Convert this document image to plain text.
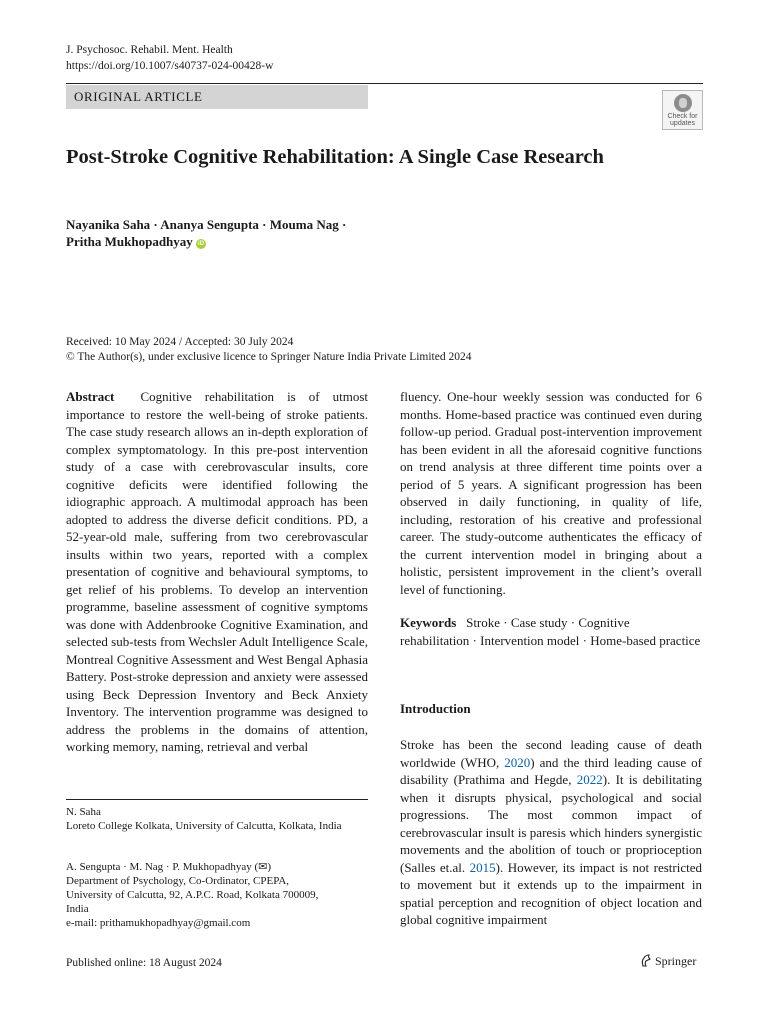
J. Psychosoc. Rehabil. Ment. Health
https://doi.org/10.1007/s40737-024-00428-w
ORIGINAL ARTICLE
Check for
updates
Post-Stroke Cognitive Rehabilitation: A Single Case Research
Nayanika Saha · Ananya Sengupta · Mouma Nag ·
Pritha Mukhopadhyay iD
Received: 10 May 2024 / Accepted: 30 July 2024
© The Author(s), under exclusive licence to Springer Nature India Private Limited 2024
Abstract Cognitive rehabilitation is of utmost importance to restore the well-being of stroke patients. The case study research allows an in-depth exploration of complex symptomatology. In this pre-post intervention study of a case with cerebrovascular insults, core cognitive deficits were identified following the idiographic approach. A multimodal approach has been adopted to address the diverse deficit conditions. PD, a 52-year-old male, suffering from two cerebrovascular insults within two years, reported with a complex presentation of cognitive and behavioural symptoms, to get relief of his problems. To develop an intervention programme, baseline assessment of cognitive symptoms was done with Addenbrooke Cognitive Examination, and selected sub-tests from Wechsler Adult Intelligence Scale, Montreal Cognitive Assessment and West Bengal Aphasia Battery. Post-stroke depression and anxiety were assessed using Beck Depression Inventory and Beck Anxiety Inventory. The intervention programme was designed to address the problems in the domains of attention, working memory, naming, retrieval and verbal
fluency. One-hour weekly session was conducted for 6 months. Home-based practice was continued even during follow-up period. Gradual post-intervention improvement has been evident in all the aforesaid cognitive functions on trend analysis at three different time points over a period of 5 years. A significant progression has been observed in daily functioning, in quality of life, including, restoration of his creative and professional career. The study-outcome authenticates the efficacy of the current intervention model in bringing about a holistic, persistent improvement in the client’s overall level of functioning.
Keywords Stroke · Case study · Cognitive rehabilitation · Intervention model · Home-based practice
Introduction
Stroke has been the second leading cause of death worldwide (WHO, 2020) and the third leading cause of disability (Prathima and Hegde, 2022). It is debilitating when it disrupts physical, psychological and social progressions. The most common impact of cerebrovascular insult is paresis which hinders synergistic movements and the abolition of touch or proprioception (Salles et.al. 2015). However, its impact is not restricted to movement but it extends up to the impairment in spatial perception and recognition of object location and global cognitive impairment
N. Saha
Loreto College Kolkata, University of Calcutta, Kolkata, India
A. Sengupta · M. Nag · P. Mukhopadhyay (✉)
Department of Psychology, Co-Ordinator, CPEPA,
University of Calcutta, 92, A.P.C. Road, Kolkata 700009,
India
e-mail: prithamukhopadhyay@gmail.com
Published online: 18 August 2024	Springer
